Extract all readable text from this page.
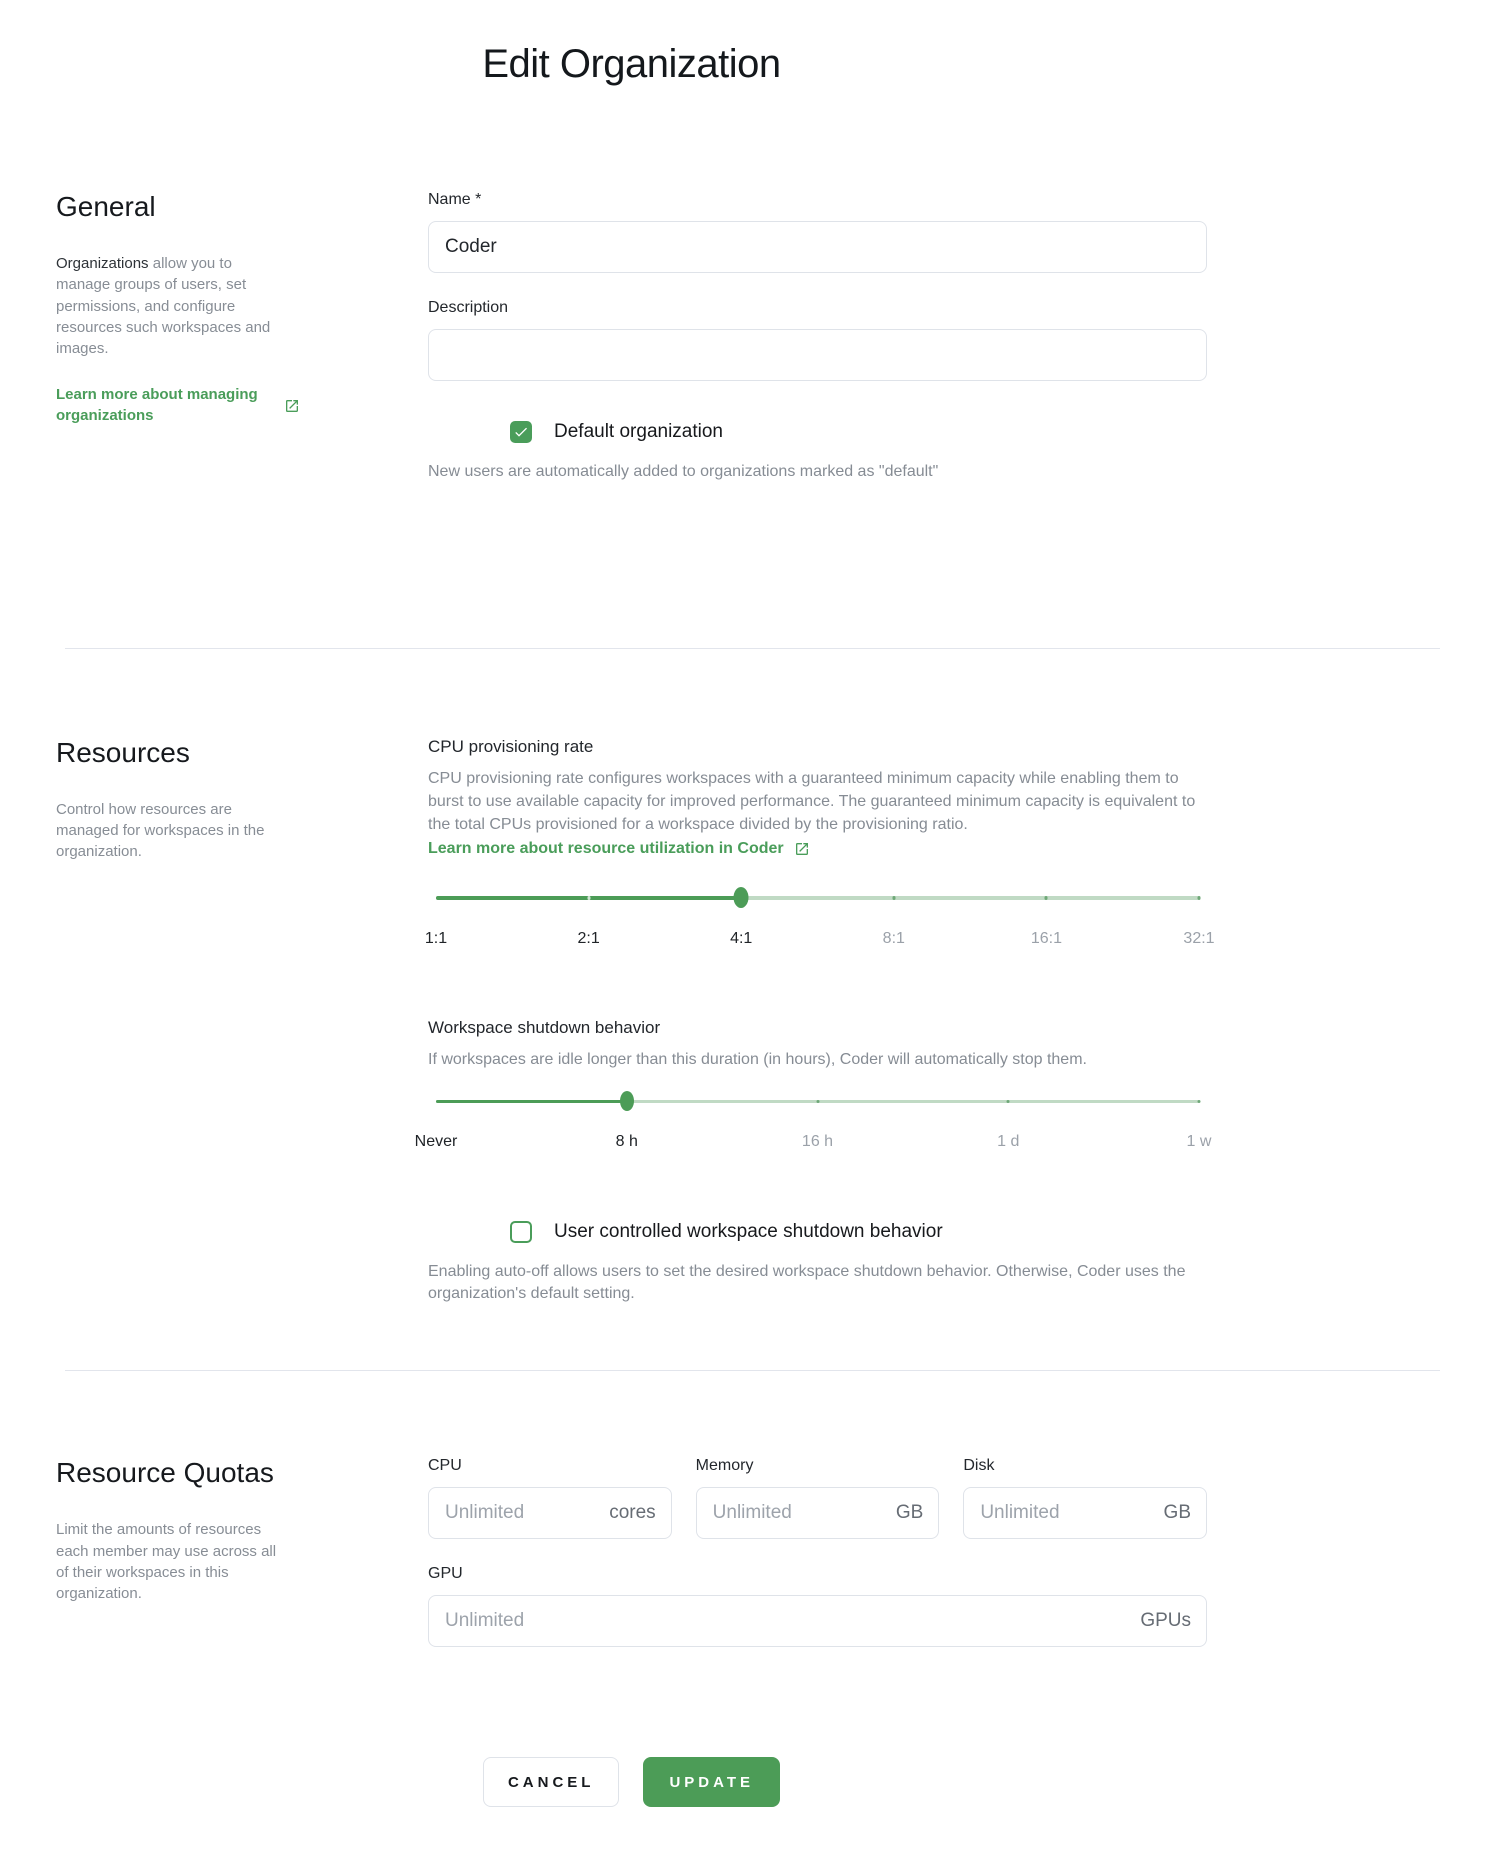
Edit Organization
General

Organizations allow you to manage groups of users, set permissions, and configure resources such workspaces and images.

Learn more about managing organizations
Name *
Coder
Description
Default organization

New users are automatically added to organizations marked as "default"

Resources

Control how resources are managed for workspaces in the organization.

CPU provisioning rate

CPU provisioning rate configures workspaces with a guaranteed minimum capacity while enabling them to burst to use available capacity for improved performance. The guaranteed minimum capacity is equivalent to the total CPUs provisioned for a workspace divided by the provisioning ratio.

Learn more about resource utilization in Coder
1:1	2:1	4:1	8:1	16:1	32:1

Workspace shutdown behavior

If workspaces are idle longer than this duration (in hours), Coder will automatically stop them.

Never	8 h	16 h	1 d	1 w
User controlled workspace shutdown behavior

Enabling auto-off allows users to set the desired workspace shutdown behavior. Otherwise, Coder uses the organization's default setting.

Resource Quotas

Limit the amounts of resources each member may use across all of their workspaces in this organization.

CPU
Unlimited
cores
Memory
Unlimited
GB
Disk
Unlimited
GB
GPU
Unlimited
GPUs
CANCEL	UPDATE
